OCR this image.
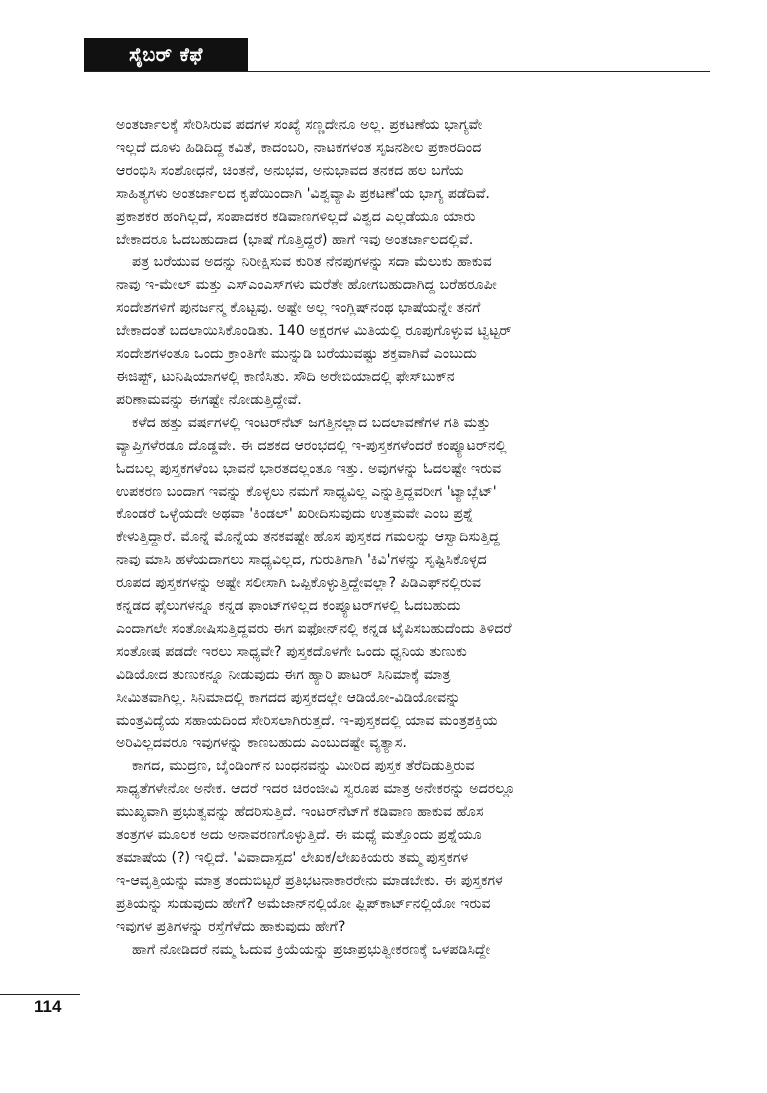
ಸೈಬರ್ ಕೆಫೆ
ಅಂತರ್ಜಾಲಕ್ಕೆ ಸೇರಿಸಿರುವ ಪದಗಳ ಸಂಖ್ಯೆ ಸಣ್ಣದೇನೂ ಅಲ್ಲ. ಪ್ರಕಟಣೆಯ ಭಾಗ್ಯವೇ
ಇಲ್ಲದೆ ದೂಳು ಹಿಡಿದಿದ್ದ ಕವಿತೆ, ಕಾದಂಬರಿ, ನಾಟಕಗಳಂತ ಸೃಜನಶೀಲ ಪ್ರಕಾರದಿಂದ
ಆರಂಭಿಸಿ ಸಂಶೋಧನೆ, ಚಿಂತನೆ, ಅನುಭವ, ಅನುಭಾವದ ತನಕದ ಹಲ ಬಗೆಯ
ಸಾಹಿತ್ಯಗಳು ಅಂತರ್ಜಾಲದ ಕೃಪೆಯಿಂದಾಗಿ 'ವಿಶ್ವವ್ಯಾಪಿ ಪ್ರಕಟಣೆ'ಯ ಭಾಗ್ಯ ಪಡೆದಿವೆ.
ಪ್ರಕಾಶಕರ ಹಂಗಿಲ್ಲದೆ, ಸಂಪಾದಕರ ಕಡಿವಾಣಗಳಿಲ್ಲದೆ ವಿಶ್ವದ ಎಲ್ಲಡೆಯೂ ಯಾರು
ಬೇಕಾದರೂ ಓದಬಹುದಾದ (ಭಾಷೆ ಗೊತ್ತಿದ್ದರೆ) ಹಾಗೆ ಇವು ಅಂತರ್ಜಾಲದಲ್ಲಿವೆ.
ಪತ್ರ ಬರೆಯುವ ಅದನ್ನು ನಿರೀಕ್ಷಿಸುವ ಕುರಿತ ನೆನಪುಗಳನ್ನು ಸದಾ ಮೆಲುಕು ಹಾಕುವ
ನಾವು ಇ-ಮೇಲ್ ಮತ್ತು ಎಸ್‌ಎಂಎಸ್‌ಗಳು ಮರೆತೇ ಹೋಗಬಹುದಾಗಿದ್ದ ಬರೆಹರೂಪೀ
ಸಂದೇಶಗಳಿಗೆ ಪುನರ್ಜನ್ಮ ಕೊಟ್ಟವು. ಅಷ್ಟೇ ಅಲ್ಲ ಇಂಗ್ಲಿಷ್‌ನಂಥ ಭಾಷೆಯನ್ನೇ ತನಗೆ
ಬೇಕಾದಂತೆ ಬದಲಾಯಿಸಿಕೊಂಡಿತು. 140 ಅಕ್ಷರಗಳ ಮಿತಿಯಲ್ಲಿ ರೂಪುಗೊಳ್ಳುವ ಟ್ವಿಟ್ಟರ್
ಸಂದೇಶಗಳಂತೂ ಒಂದು ಕ್ರಾಂತಿಗೇ ಮುನ್ನುಡಿ ಬರೆಯುವಷ್ಟು ಶಕ್ತವಾಗಿವೆ ಎಂಬುದು
ಈಜಿಪ್ಟ್, ಟುನಿಷಿಯಾಗಳಲ್ಲಿ ಕಾಣಿಸಿತು. ಸೌದಿ ಅರೇಬಿಯಾದಲ್ಲಿ ಫೇಸ್‌ಬುಕ್‌ನ
ಪರಿಣಾಮವನ್ನು ಈಗಷ್ಟೇ ನೋಡುತ್ತಿದ್ದೇವೆ.
ಕಳೆದ ಹತ್ತು ವರ್ಷಗಳಲ್ಲಿ ಇಂಟರ್‌ನೆಟ್ ಜಗತ್ತಿನಲ್ಲಾದ ಬದಲಾವಣೆಗಳ ಗತಿ ಮತ್ತು
ವ್ಯಾಪ್ತಿಗಳೆರಡೂ ದೊಡ್ಡವೇ. ಈ ದಶಕದ ಆರಂಭದಲ್ಲಿ ಇ-ಪುಸ್ತಕಗಳೆಂದರೆ ಕಂಪ್ಯೂಟರ್‌ನಲ್ಲಿ
ಓದಬಲ್ಲ ಪುಸ್ತಕಗಳೆಂಬ ಭಾವನೆ ಭಾರತದಲ್ಲಂತೂ ಇತ್ತು. ಅವುಗಳನ್ನು ಓದಲಷ್ಟೇ ಇರುವ
ಉಪಕರಣ ಬಂದಾಗ ಇವನ್ನು ಕೊಳ್ಳಲು ನಮಗೆ ಸಾಧ್ಯವಿಲ್ಲ ಎನ್ನುತ್ತಿದ್ದವರೀಗ 'ಟ್ಯಾಬ್ಲೆಟ್'
ಕೊಂಡರೆ ಒಳ್ಳೆಯದೇ ಅಥವಾ 'ಕಿಂಡಲ್' ಖರೀದಿಸುವುದು ಉತ್ತಮವೇ ಎಂಬ ಪ್ರಶ್ನೆ
ಕೇಳುತ್ತಿದ್ದಾರೆ. ಮೊನ್ನೆ ಮೊನ್ನೆಯ ತನಕವಷ್ಟೇ ಹೊಸ ಪುಸ್ತಕದ ಗಮಲನ್ನು ಆಸ್ವಾದಿಸುತ್ತಿದ್ದ
ನಾವು ಮಾಸಿ ಹಳೆಯದಾಗಲು ಸಾಧ್ಯವಿಲ್ಲದ, ಗುರುತಿಗಾಗಿ 'ಕಿವಿ'ಗಳನ್ನು ಸೃಷ್ಟಿಸಿಕೊಳ್ಳದ
ರೂಪದ ಪುಸ್ತಕಗಳನ್ನು ಅಷ್ಟೇ ಸಲೀಸಾಗಿ ಒಪ್ಪಿಕೊಳ್ಳುತ್ತಿದ್ದೇವಲ್ಲಾ? ಪಿಡಿಎಫ್‌ನಲ್ಲಿರುವ
ಕನ್ನಡದ ಫೈಲುಗಳನ್ನೂ ಕನ್ನಡ ಫಾಂಟ್‌ಗಳಿಲ್ಲದ ಕಂಪ್ಯೂಟರ್‌ಗಳಲ್ಲಿ ಓದಬಹುದು
ಎಂದಾಗಲೇ ಸಂತೋಷಿಸುತ್ತಿದ್ದವರು ಈಗ ಐಫೋನ್‌ನಲ್ಲಿ ಕನ್ನಡ ಟೈಪಿಸಬಹುದೆಂದು ತಿಳಿದರೆ
ಸಂತೋಷ ಪಡದೇ ಇರಲು ಸಾಧ್ಯವೇ? ಪುಸ್ತಕದೊಳಗೇ ಒಂದು ಧ್ವನಿಯ ತುಣುಕು
ವಿಡಿಯೋದ ತುಣುಕನ್ನೂ ನೀಡುವುದು ಈಗ ಹ್ಯಾರಿ ಪಾಟರ್ ಸಿನಿಮಾಕ್ಕೆ ಮಾತ್ರ
ಸೀಮಿತವಾಗಿಲ್ಲ. ಸಿನಿಮಾದಲ್ಲಿ ಕಾಗದದ ಪುಸ್ತಕದಲ್ಲೇ ಆಡಿಯೋ-ವಿಡಿಯೋವನ್ನು
ಮಂತ್ರವಿದ್ಯೆಯ ಸಹಾಯದಿಂದ ಸೇರಿಸಲಾಗಿರುತ್ತದೆ. ಇ-ಪುಸ್ತಕದಲ್ಲಿ ಯಾವ ಮಂತ್ರಶಕ್ತಿಯ
ಅರಿವಿಲ್ಲದವರೂ ಇವುಗಳನ್ನು ಕಾಣಬಹುದು ಎಂಬುದಷ್ಟೇ ವ್ಯತ್ಯಾಸ.
ಕಾಗದ, ಮುದ್ರಣ, ಬೈಂಡಿಂಗ್‌ನ ಬಂಧನವನ್ನು ಮೀರಿದ ಪುಸ್ತಕ ತೆರೆದಿಡುತ್ತಿರುವ
ಸಾಧ್ಯತೆಗಳೇನೋ ಅನೇಕ. ಆದರೆ ಇದರ ಚಿರಂಜೀವಿ ಸ್ವರೂಪ ಮಾತ್ರ ಅನೇಕರನ್ನು ಅದರಲ್ಲೂ
ಮುಖ್ಯವಾಗಿ ಪ್ರಭುತ್ವವನ್ನು ಹೆದರಿಸುತ್ತಿದೆ. ಇಂಟರ್‌ನೆಟ್‌ಗೆ ಕಡಿವಾಣ ಹಾಕುವ ಹೊಸ
ತಂತ್ರಗಳ ಮೂಲಕ ಅದು ಅನಾವರಣಗೊಳ್ಳುತ್ತಿದೆ. ಈ ಮಧ್ಯೆ ಮತ್ತೊಂದು ಪ್ರಶ್ನೆಯೂ
ತಮಾಷೆಯ (?) ಇಲ್ಲಿದೆ. 'ವಿವಾದಾಸ್ಪದ' ಲೇಖಕ/ಲೇಖಕಿಯರು ತಮ್ಮ ಪುಸ್ತಕಗಳ
ಇ-ಆವೃತ್ತಿಯನ್ನು ಮಾತ್ರ ತಂದುಬಿಟ್ಟರೆ ಪ್ರತಿಭಟನಾಕಾರರೇನು ಮಾಡಬೇಕು. ಈ ಪುಸ್ತಕಗಳ
ಪ್ರತಿಯನ್ನು ಸುಡುವುದು ಹೇಗೆ? ಅಮೆಜಾನ್‌ನಲ್ಲಿಯೋ ಫ್ಲಿಪ್‌ಕಾರ್ಟ್‌ನಲ್ಲಿಯೋ ಇರುವ
ಇವುಗಳ ಪ್ರತಿಗಳನ್ನು ರಸ್ತೆಗೆಳೆದು ಹಾಕುವುದು ಹೇಗೆ?
ಹಾಗೆ ನೋಡಿದರೆ ನಮ್ಮ ಓದುವ ಕ್ರಿಯೆಯನ್ನು ಪ್ರಜಾಪ್ರಭುತ್ವೀಕರಣಕ್ಕೆ ಒಳಪಡಿಸಿದ್ದೇ
114
